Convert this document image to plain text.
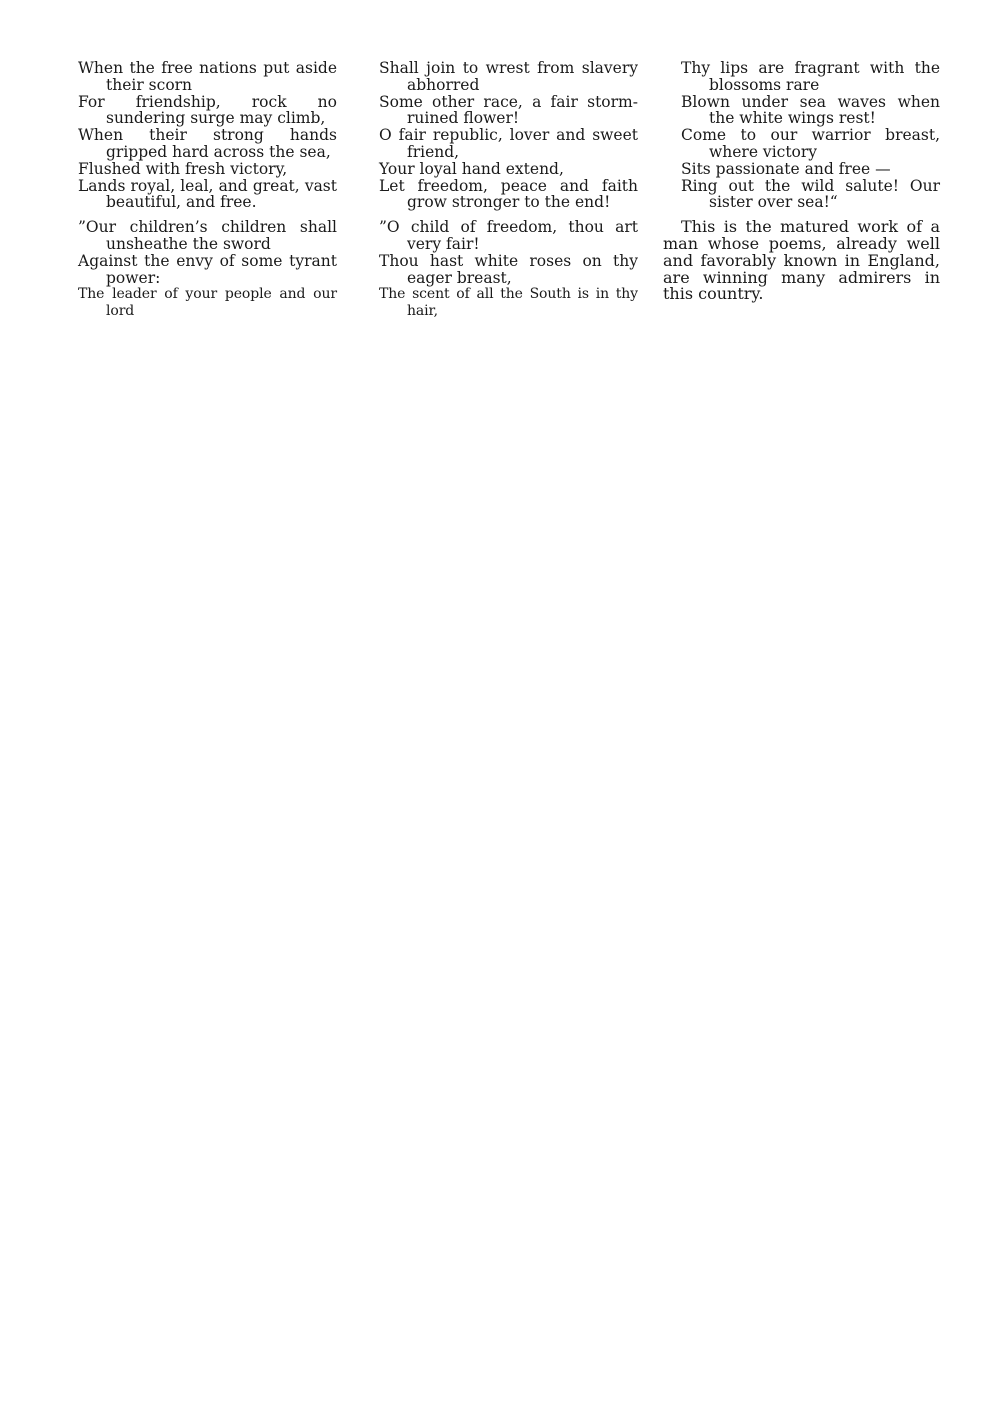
When the free nations put aside their scorn

For friendship, rock no sundering surge may climb,

When their strong hands gripped hard across the sea,

Flushed with fresh victory,

Lands royal, leal, and great, vast beautiful, and free.

”Our children’s children shall unsheathe the sword

Against the envy of some tyrant power:

The leader of your people and our lord

Shall join to wrest from slavery abhorred

Some other race, a fair storm-ruined flower!

O fair republic, lover and sweet friend,

Your loyal hand extend,

Let freedom, peace and faith grow stronger to the end!

”O child of freedom, thou art very fair!

Thou hast white roses on thy eager breast,

The scent of all the South is in thy hair,

Thy lips are fragrant with the blossoms rare

Blown under sea waves when the white wings rest!

Come to our warrior breast, where victory

Sits passionate and free —

Ring out the wild salute! Our sister over sea!“

This is the matured work of a man whose poems, already well and favorably known in England, are winning many admirers in this country.
